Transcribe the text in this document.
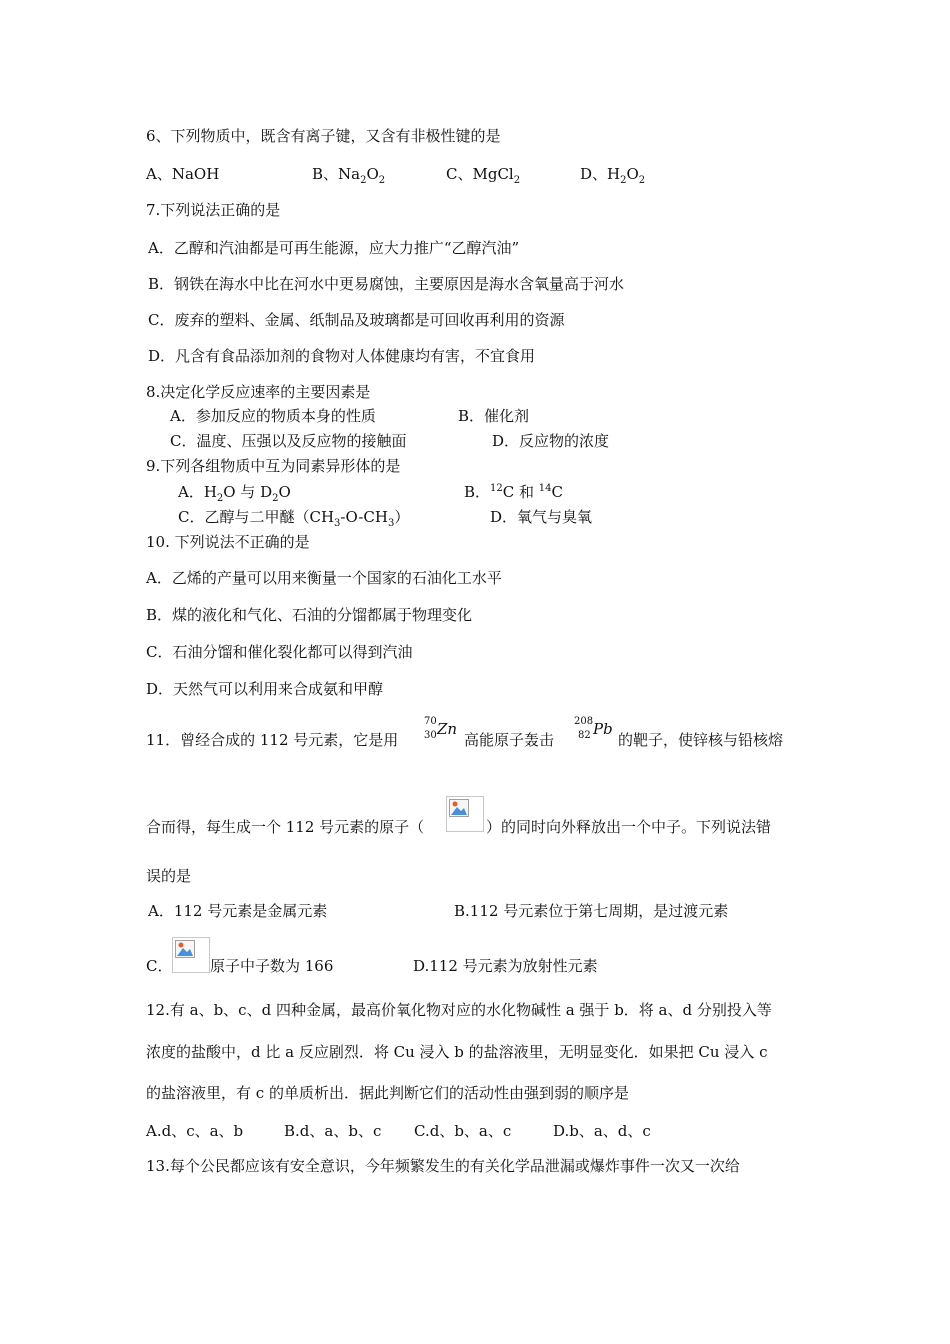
6、下列物质中，既含有离子键，又含有非极性键的是
A、NaOH	B、$Na_2O_2$	C、MgCl$_2$	D、$H_2O_2$
7.下列说法正确的是
A．乙醇和汽油都是可再生能源，应大力推广“乙醇汽油”
B．钢铁在海水中比在河水中更易腐蚀，主要原因是海水含氧量高于河水
C．废弃的塑料、金属、纸制品及玻璃都是可回收再利用的资源
D．凡含有食品添加剂的食物对人体健康均有害，不宜食用
8.决定化学反应速率的主要因素是
A．参加反应的物质本身的性质	B．催化剂
C．温度、压强以及反应物的接触面	D．反应物的浓度
9.下列各组物质中互为同素异形体的是
A．$H_2O$ 与 $D_2O$	B．$^{12}$C 和 $^{14}$C
C．乙醇与二甲醚$(CH_3-O-CH_3)$	D．氧气与臭氧
10. 下列说法不正确的是
A．乙烯的产量可以用来衡量一个国家的石油化工水平
B．煤的液化和气化、石油的分馏都属于物理变化
C．石油分馏和催化裂化都可以得到汽油
D．天然气可以利用来合成氨和甲醇
11．曾经合成的 112 号元素，它是用
70
30 Zn
高能原子轰击
208
82 Pb
的靶子，使锌核与铅核熔
合而得，每生成一个 112 号元素的原子（	）的同时向外释放出一个中子。下列说法错
误的是
A．112 号元素是金属元素	B.112 号元素位于第七周期，是过渡元素
C．	原子中子数为 166	D.112 号元素为放射性元素
12.有 a、b、c、d 四种金属，最高价氧化物对应的水化物碱性 a 强于 b．将 a、d 分别投入等
浓度的盐酸中，d 比 a 反应剧烈．将 Cu 浸入 b 的盐溶液里，无明显变化．如果把 Cu 浸入 c
的盐溶液里，有 c 的单质析出．据此判断它们的活动性由强到弱的顺序是
A.d、c、a、b	B.d、a、b、c C.d、b、a、c	D.b、a、d、c
13.每个公民都应该有安全意识，今年频繁发生的有关化学品泄漏或爆炸事件一次又一次给
